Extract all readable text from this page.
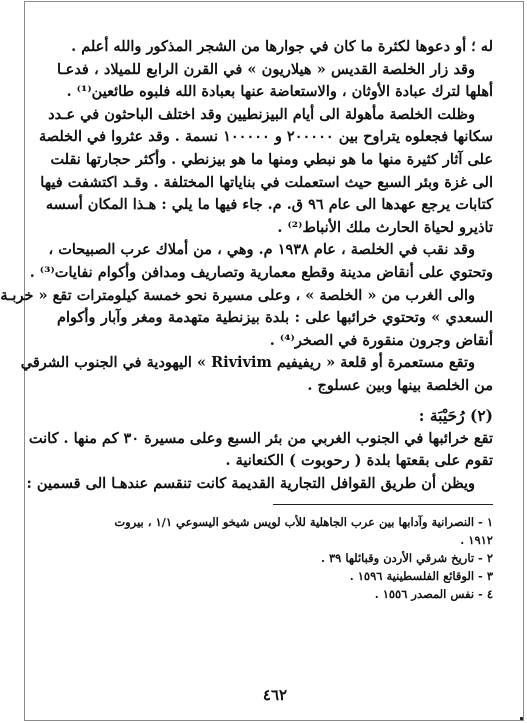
له ؛ أو دعوها لكثرة ما كان في جوارها من الشجر المذكور والله أعلم .
وقد زار الخلصة القديس « هيلاريون » في القرن الرابع للميلاد ، فدعـا
أهلها لترك عبادة الأوثان ، والاستعاضة عنها بعبادة الله فلبوه طائعين⁽¹⁾ .
وظلت الخلصة مأهولة الى أيام البيزنطيين وقد اختلف الباحثون في عـدد
سكانها فجعلوه يتراوح بين ٢٠٠٠٠٠ و ١٠٠٠٠٠ نسمة . وقد عثروا في الخلصة
على آثار كثيرة منها ما هو نبطي ومنها ما هو بيزنطي . وأكثر حجارتها نقلت
الى غزة وبئر السبع حيث استعملت في بناياتها المختلفة . وقـد اكتشفت فيها
كتابات يرجع عهدها الى عام ٩٦ ق. م. جاء فيها ما يلي : هـذا المكان أسسه
تاذيرو لحياة الحارث ملك الأنباط⁽²⁾ .
وقد نقب في الخلصة ، عام ١٩٣٨ م. وهي ، من أملاك عرب الصبيحات ،
وتحتوي على أنقاض مدينة وقطع معمارية وتصاريف ومدافن وأكوام نفايات⁽³⁾ .
والى الغرب من « الخلصة » ، وعلى مسيرة نحو خمسة كيلومترات تقع « خربـة
السعدي » وتحتوي خرائبها على : بلدة بيزنطية متهدمة ومغر وآبار وأكوام
أنقاض وجرون منقورة في الصخر⁽⁴⁾ .
وتقع مستعمرة أو قلعة « ريفيفيم Rivivim » اليهودية في الجنوب الشرقي
من الخلصة بينها وبين عسلوج .
(٢) رُحَيْبَة :
تقع خرائبها في الجنوب الغربي من بئر السبع وعلى مسيرة ٣٠ كم منها . كانت
تقوم على بقعتها بلدة ( رحوبوت ) الكنعانية .
ويظن أن طريق القوافل التجارية القديمة كانت تنقسم عندهـا الى قسمين :
١ - النصرانية وآدابها بين عرب الجاهلية للأب لويس شيخو اليسوعي ١/١ ، بيروت
١٩١٢ .
٢ - تاريخ شرقي الأردن وقبائلها ٣٩ .
٣ - الوقائع الفلسطينية ١٥٩٦ .
٤ - نفس المصدر ١٥٥٦ .
٤٦٢
